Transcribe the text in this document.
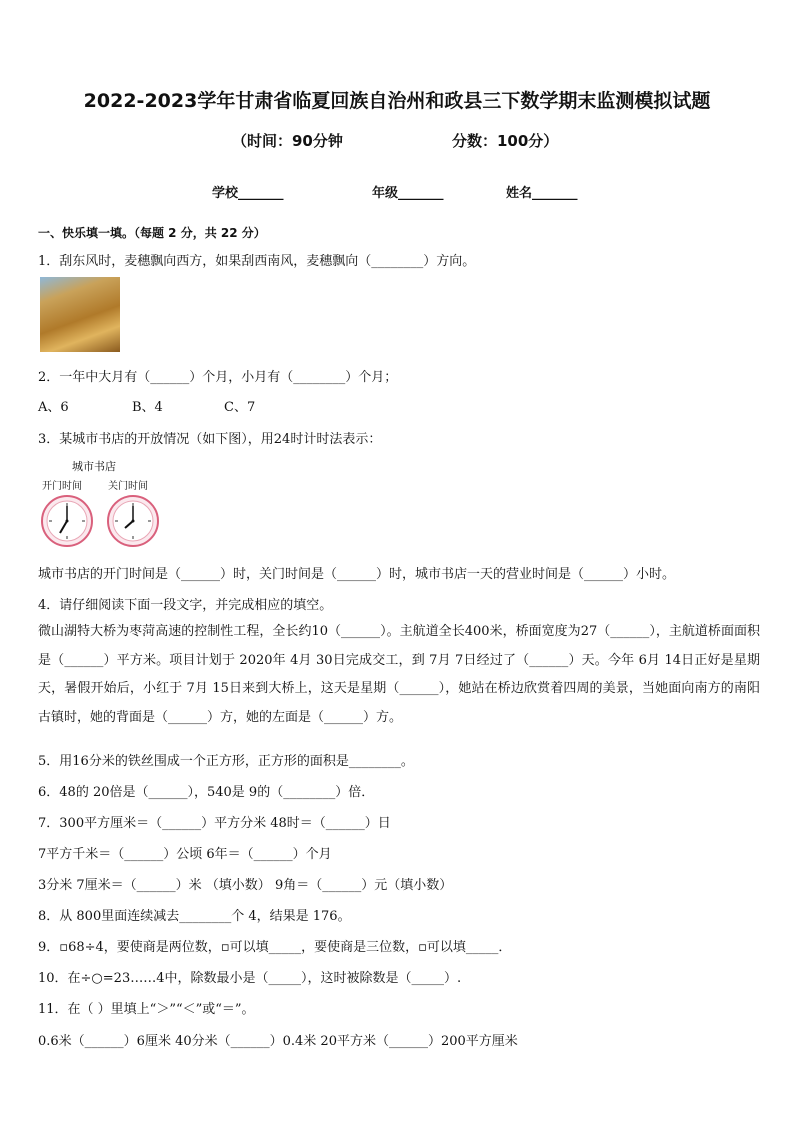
2022-2023学年甘肃省临夏回族自治州和政县三下数学期末监测模拟试题
（时间：90分钟	分数：100分）
学校_______	年级_______	姓名_______
一、快乐填一填。（每题 2 分，共 22 分）
1．刮东风时，麦穗飘向西方，如果刮西南风，麦穗飘向（________）方向。
2．一年中大月有（______）个月，小月有（________）个月；
A、6	B、4	C、7
3．某城市书店的开放情况（如下图），用24时计时法表示：
城市书店
开门时间	关门时间
城市书店的开门时间是（______）时，关门时间是（______）时，城市书店一天的营业时间是（______）小时。
4．请仔细阅读下面一段文字，并完成相应的填空。
微山湖特大桥为枣菏高速的控制性工程，全长约10（______）。主航道全长400米，桥面宽度为27（______），主航道桥面面积是（______）平方米。项目计划于 2020年 4月 30日完成交工，到 7月 7日经过了（______）天。今年 6月 14日正好是星期天，暑假开始后，小红于 7月 15日来到大桥上，这天是星期（______），她站在桥边欣赏着四周的美景，当她面向南方的南阳古镇时，她的背面是（______）方，她的左面是（______）方。
5．用16分米的铁丝围成一个正方形，正方形的面积是________。
6．48的 20倍是（______），540是 9的（________）倍．
7．300平方厘米＝（______）平方分米 48时＝（______）日
7平方千米＝（______）公顷 6年＝（______）个月
3分米 7厘米＝（______）米 （填小数） 9角＝（______）元（填小数）
8．从 800里面连续减去________个 4，结果是 176。
9．▫68÷4，要使商是两位数，▫可以填_____，要使商是三位数，▫可以填_____．
10．在÷○=23……4中，除数最小是（_____），这时被除数是（_____）.
11．在（ ）里填上“＞”“＜”或“＝”。
0.6米（______）6厘米 40分米（______）0.4米 20平方米（______）200平方厘米
